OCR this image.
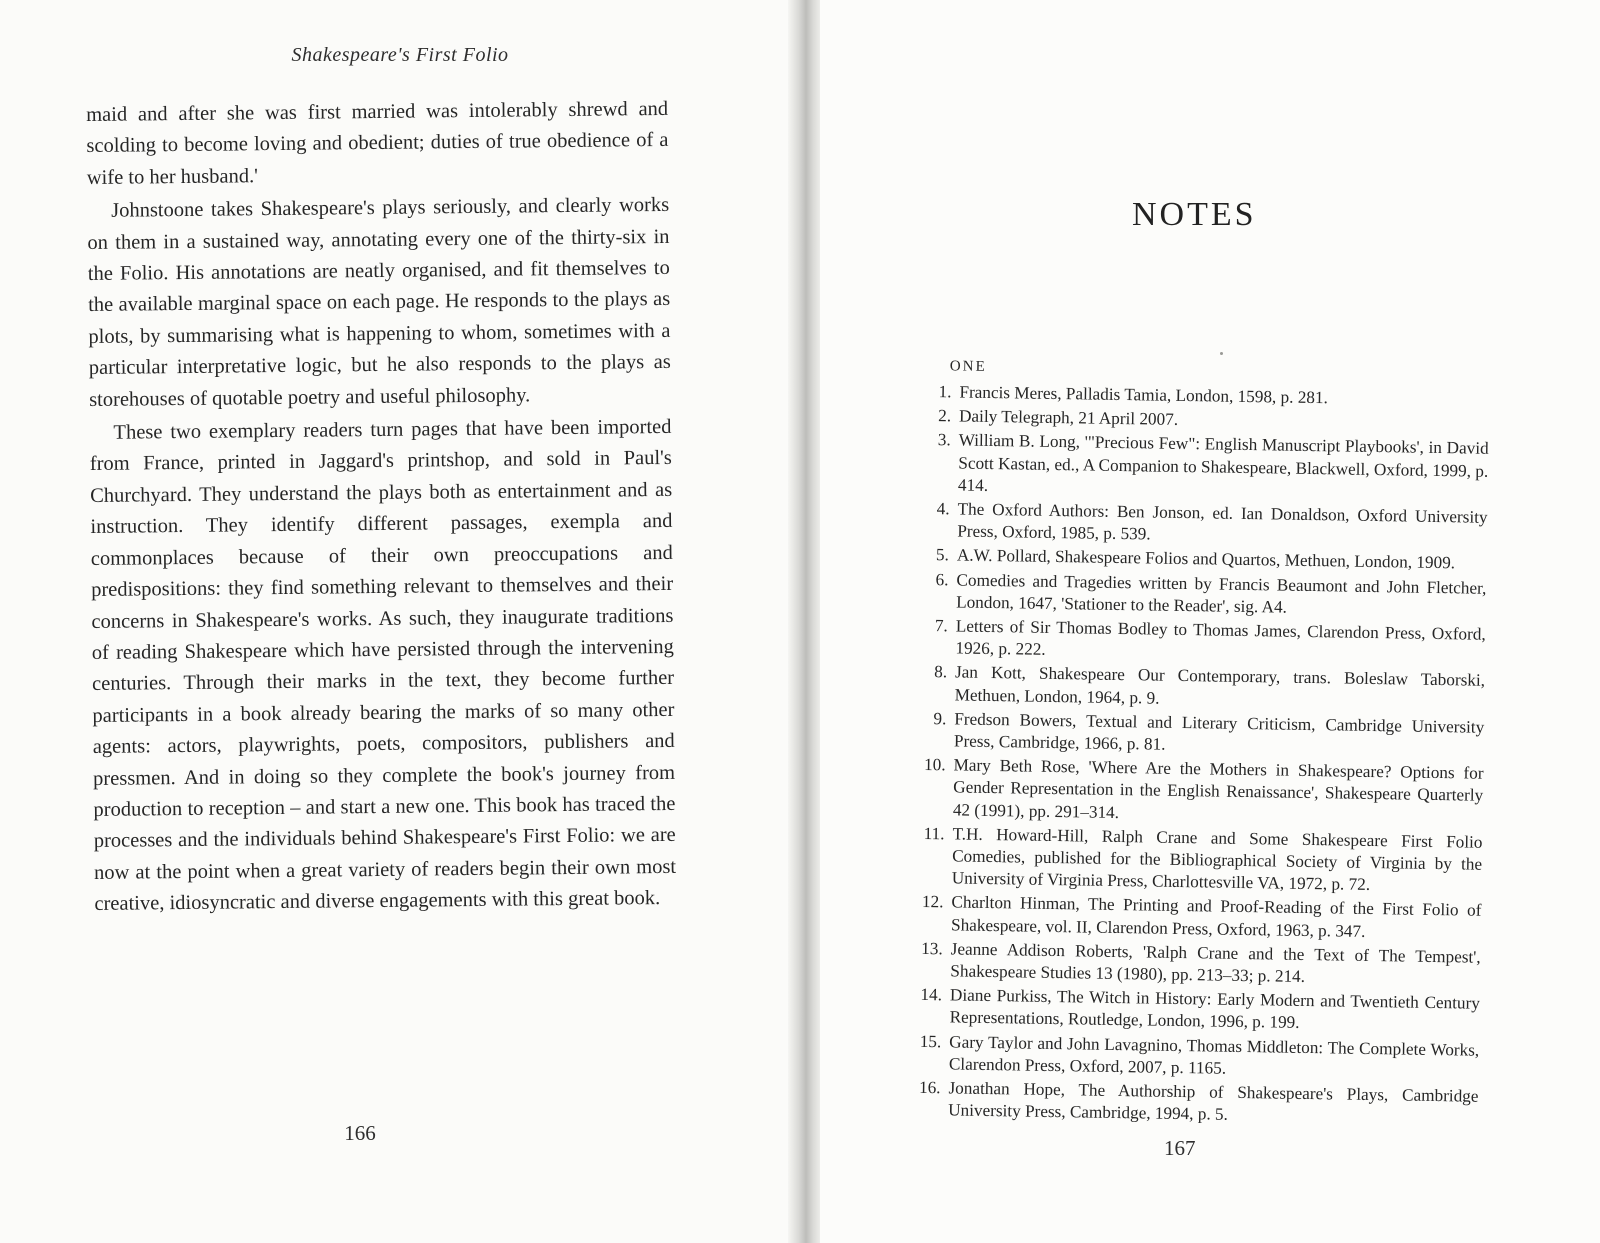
Shakespeare's First Folio

maid and after she was first married was intolerably shrewd and scolding to become loving and obedient; duties of true obedience of a wife to her husband.'

Johnstoone takes Shakespeare's plays seriously, and clearly works on them in a sustained way, annotating every one of the thirty-six in the Folio. His annotations are neatly organised, and fit themselves to the available marginal space on each page. He responds to the plays as plots, by summarising what is happening to whom, sometimes with a particular interpretative logic, but he also responds to the plays as storehouses of quotable poetry and useful philosophy.

These two exemplary readers turn pages that have been imported from France, printed in Jaggard's printshop, and sold in Paul's Churchyard. They understand the plays both as entertainment and as instruction. They identify different passages, exempla and commonplaces because of their own preoccupations and predispositions: they find something relevant to themselves and their concerns in Shakespeare's works. As such, they inaugurate traditions of reading Shakespeare which have persisted through the intervening centuries. Through their marks in the text, they become further participants in a book already bearing the marks of so many other agents: actors, playwrights, poets, compositors, publishers and pressmen. And in doing so they complete the book's journey from production to reception – and start a new one. This book has traced the processes and the individuals behind Shakespeare's First Folio: we are now at the point when a great variety of readers begin their own most creative, idiosyncratic and diverse engagements with this great book.

166
NOTES
ONE
1. Francis Meres, Palladis Tamia, London, 1598, p. 281.
2. Daily Telegraph, 21 April 2007.
3. William B. Long, '"Precious Few": English Manuscript Playbooks', in David Scott Kastan, ed., A Companion to Shakespeare, Blackwell, Oxford, 1999, p. 414.
4. The Oxford Authors: Ben Jonson, ed. Ian Donaldson, Oxford University Press, Oxford, 1985, p. 539.
5. A.W. Pollard, Shakespeare Folios and Quartos, Methuen, London, 1909.
6. Comedies and Tragedies written by Francis Beaumont and John Fletcher, London, 1647, 'Stationer to the Reader', sig. A4.
7. Letters of Sir Thomas Bodley to Thomas James, Clarendon Press, Oxford, 1926, p. 222.
8. Jan Kott, Shakespeare Our Contemporary, trans. Boleslaw Taborski, Methuen, London, 1964, p. 9.
9. Fredson Bowers, Textual and Literary Criticism, Cambridge University Press, Cambridge, 1966, p. 81.
10. Mary Beth Rose, 'Where Are the Mothers in Shakespeare? Options for Gender Representation in the English Renaissance', Shakespeare Quarterly 42 (1991), pp. 291–314.
11. T.H. Howard-Hill, Ralph Crane and Some Shakespeare First Folio Comedies, published for the Bibliographical Society of Virginia by the University of Virginia Press, Charlottesville VA, 1972, p. 72.
12. Charlton Hinman, The Printing and Proof-Reading of the First Folio of Shakespeare, vol. II, Clarendon Press, Oxford, 1963, p. 347.
13. Jeanne Addison Roberts, 'Ralph Crane and the Text of The Tempest', Shakespeare Studies 13 (1980), pp. 213–33; p. 214.
14. Diane Purkiss, The Witch in History: Early Modern and Twentieth Century Representations, Routledge, London, 1996, p. 199.
15. Gary Taylor and John Lavagnino, Thomas Middleton: The Complete Works, Clarendon Press, Oxford, 2007, p. 1165.
16. Jonathan Hope, The Authorship of Shakespeare's Plays, Cambridge University Press, Cambridge, 1994, p. 5.
167
